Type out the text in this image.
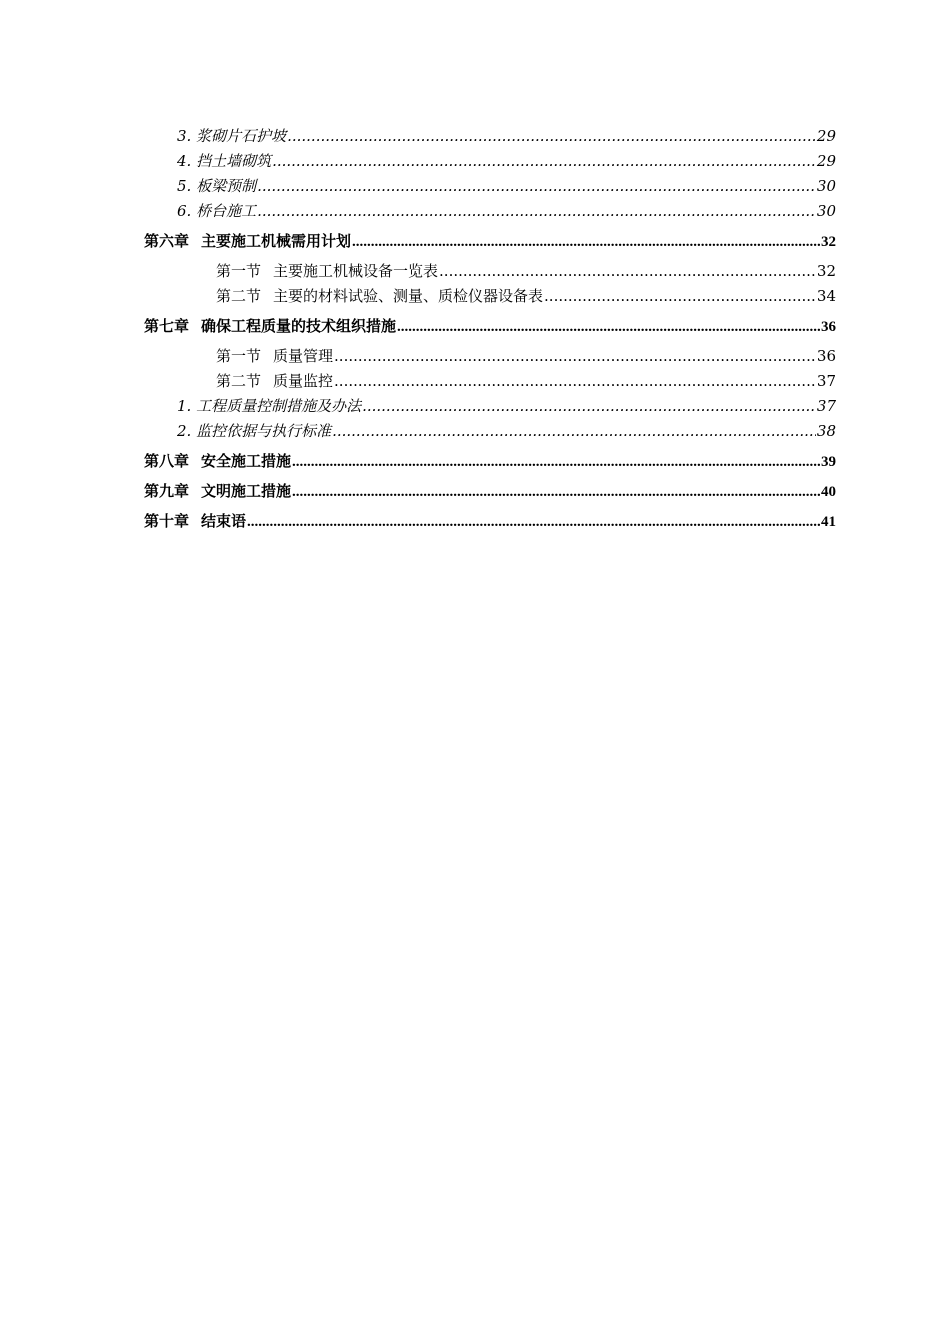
3. 浆砌片石护坡 .....	29
4. 挡土墙砌筑 .....	29
5. 板梁预制 .....	30
6. 桥台施工 .....	30
第六章 主要施工机械需用计划 .....	32
第一节 主要施工机械设备一览表 .....	32
第二节 主要的材料试验、测量、质检仪器设备表 .....	34
第七章 确保工程质量的技术组织措施 .....	36
第一节 质量管理 .....	36
第二节 质量监控 .....	37
1. 工程质量控制措施及办法 .....	37
2. 监控依据与执行标准 .....	38
第八章 安全施工措施 .....	39
第九章 文明施工措施 .....	40
第十章 结束语 .....	41
